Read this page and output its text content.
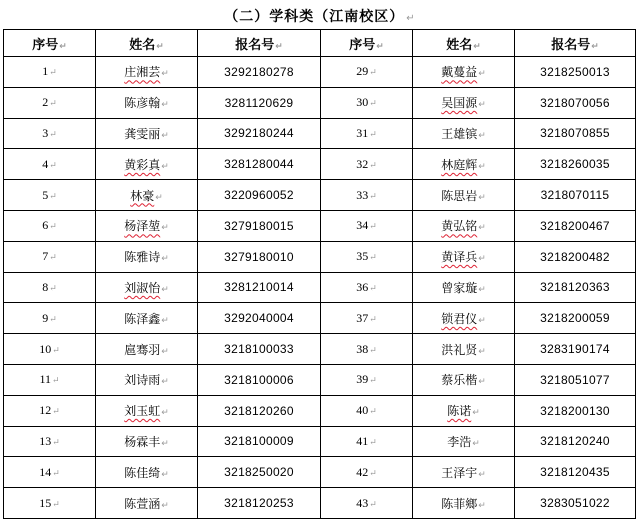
（二）学科类（江南校区） ↵
序号↵	姓名↵	报名号↵	序号↵	姓名↵	报名号↵
1↵	庄湘芸↵	3292180278	29↵	戴蔓益↵	3218250013
2↵	陈彦翰↵	3281120629	30↵	吴国源↵	3218070056
3↵	龚雯丽↵	3292180244	31↵	王雄镔↵	3218070855
4↵	黄彩真↵	3281280044	32↵	林庭辉↵	3218260035
5↵	林豪↵	3220960052	33↵	陈思岩↵	3218070115
6↵	杨泽堃↵	3279180015	34↵	黄弘铭↵	3218200467
7↵	陈雅诗↵	3279180010	35↵	黄译兵↵	3218200482
8↵	刘淑怡↵	3281210014	36↵	曾家璇↵	3218120363
9↵	陈泽鑫↵	3292040004	37↵	锁君仪↵	3218200059
10↵	扈骞羽↵	3218100033	38↵	洪礼贤↵	3283190174
11↵	刘诗雨↵	3218100006	39↵	蔡乐楷↵	3218051077
12↵	刘玉虹↵	3218120260	40↵	陈诺↵	3218200130
13↵	杨霖丰↵	3218100009	41↵	李浩↵	3218120240
14↵	陈佳绮↵	3218250020	42↵	王泽宇↵	3218120435
15↵	陈萱涵↵	3218120253	43↵	陈菲鄉↵	3283051022
